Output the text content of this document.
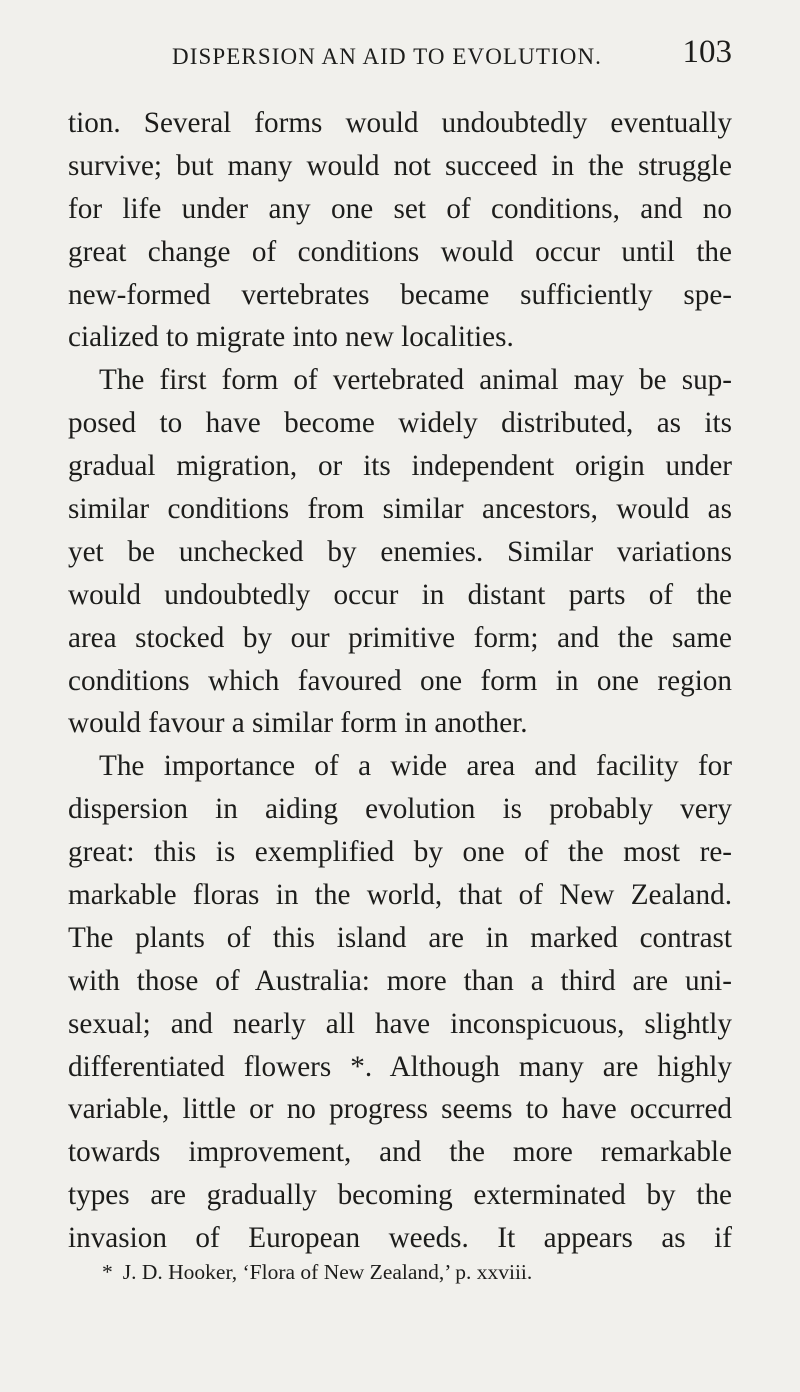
DISPERSION AN AID TO EVOLUTION. 103
tion. Several forms would undoubtedly eventually
survive; but many would not succeed in the struggle
for life under any one set of conditions, and no
great change of conditions would occur until the
new-formed vertebrates became sufficiently spe-
cialized to migrate into new localities.
The first form of vertebrated animal may be sup-
posed to have become widely distributed, as its
gradual migration, or its independent origin under
similar conditions from similar ancestors, would as
yet be unchecked by enemies. Similar variations
would undoubtedly occur in distant parts of the
area stocked by our primitive form; and the same
conditions which favoured one form in one region
would favour a similar form in another.
The importance of a wide area and facility for
dispersion in aiding evolution is probably very
great: this is exemplified by one of the most re-
markable floras in the world, that of New Zealand.
The plants of this island are in marked contrast
with those of Australia: more than a third are uni-
sexual; and nearly all have inconspicuous, slightly
differentiated flowers *. Although many are highly
variable, little or no progress seems to have occurred
towards improvement, and the more remarkable
types are gradually becoming exterminated by the
invasion of European weeds. It appears as if
* J. D. Hooker, ‘Flora of New Zealand,’ p. xxviii.
